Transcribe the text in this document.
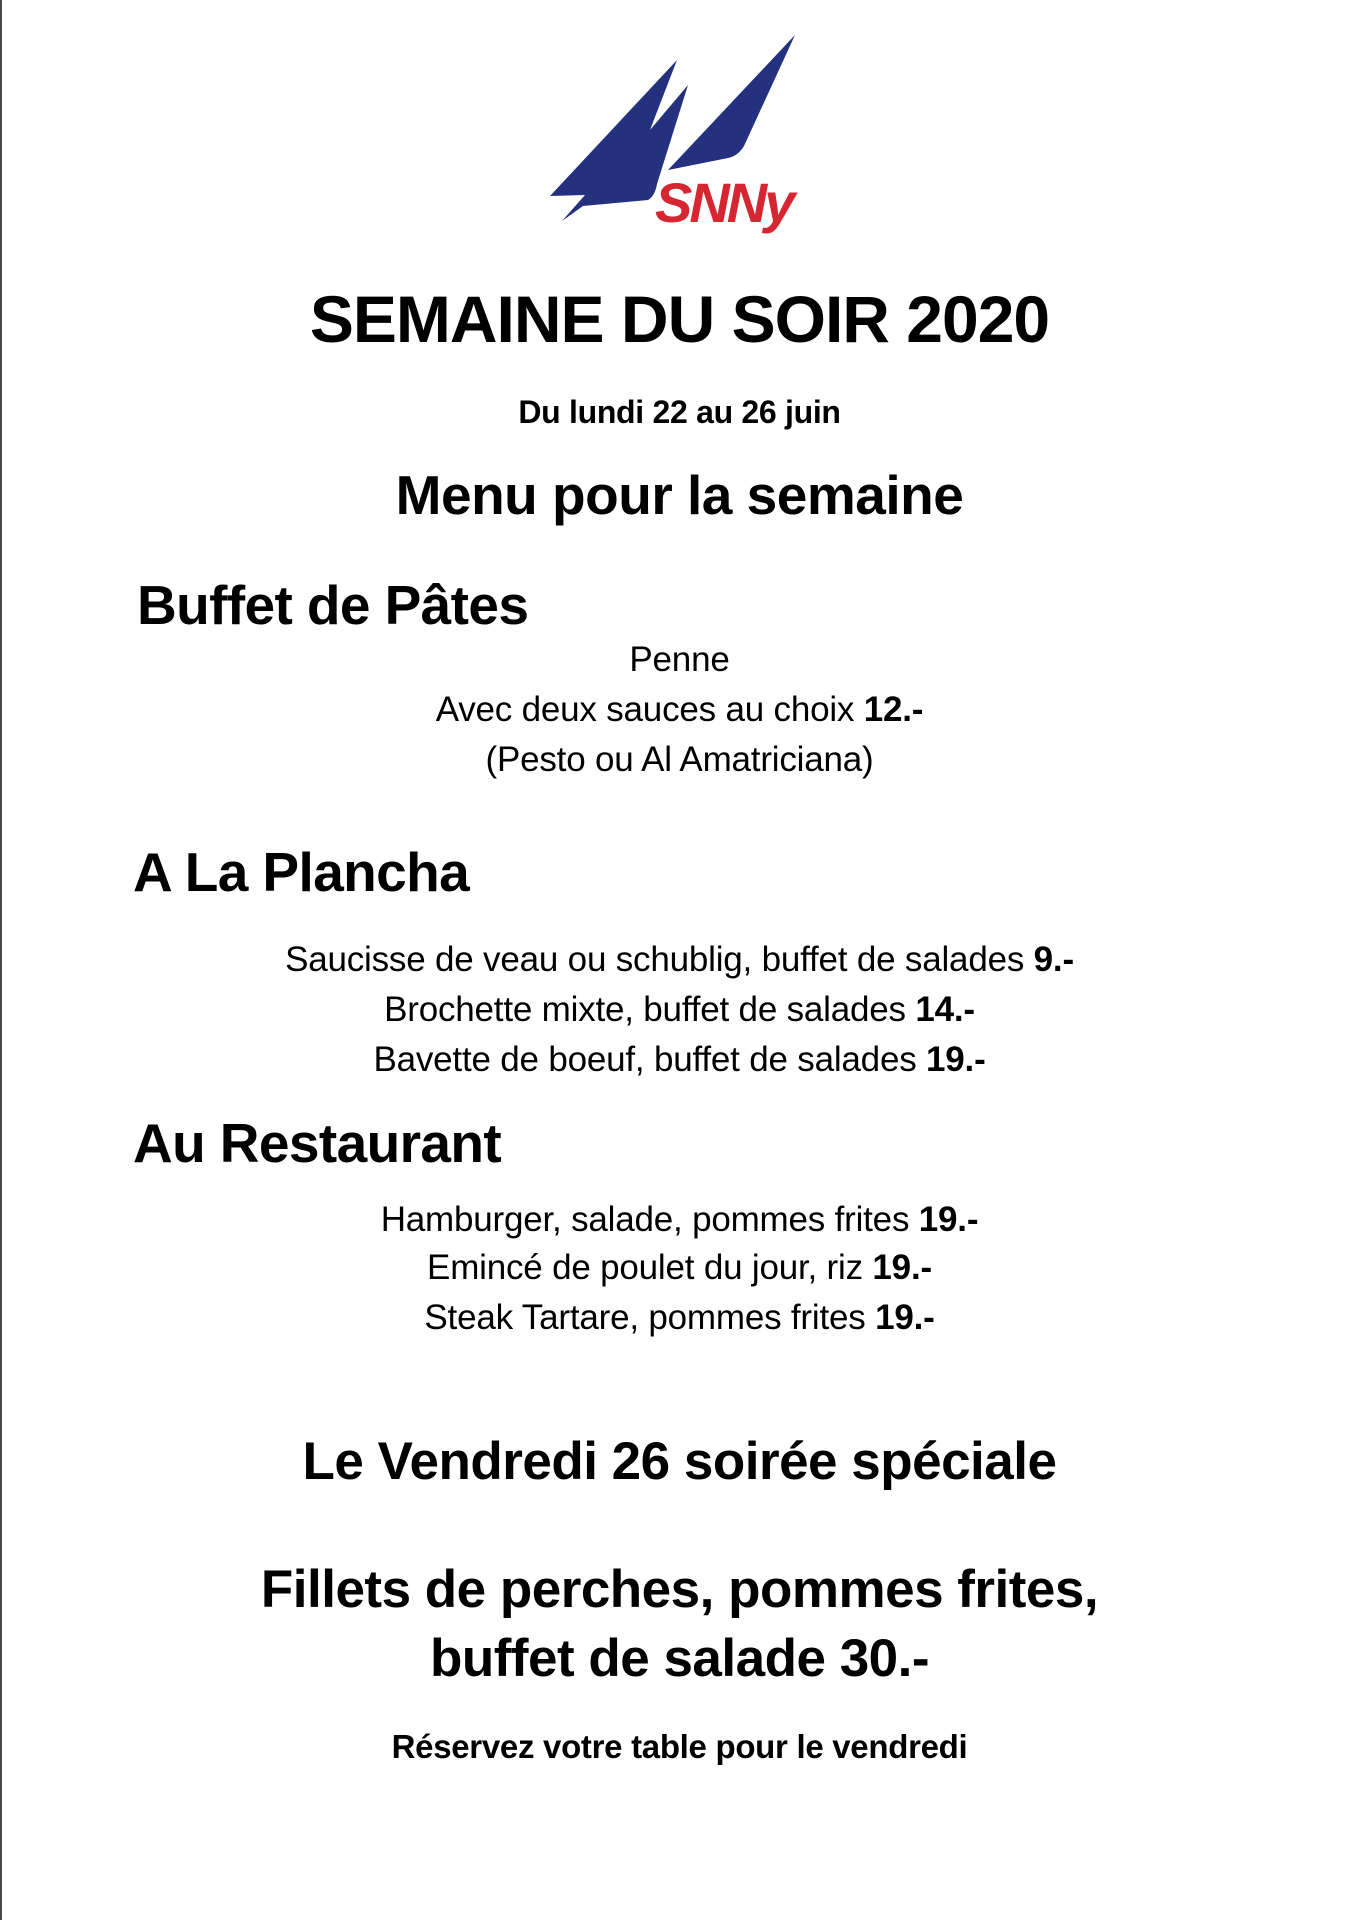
SNNy
SEMAINE DU SOIR 2020
Du lundi 22 au 26 juin
Menu pour la semaine
Buffet de Pâtes
Penne
Avec deux sauces au choix 12.-
(Pesto ou Al Amatriciana)
A La Plancha
Saucisse de veau ou schublig, buffet de salades 9.-
Brochette mixte, buffet de salades 14.-
Bavette de boeuf, buffet de salades 19.-
Au Restaurant
Hamburger, salade, pommes frites 19.-
Emincé de poulet du jour, riz 19.-
Steak Tartare, pommes frites 19.-
Le Vendredi 26 soirée spéciale
Fillets de perches, pommes frites,
buffet de salade 30.-
Réservez votre table pour le vendredi
